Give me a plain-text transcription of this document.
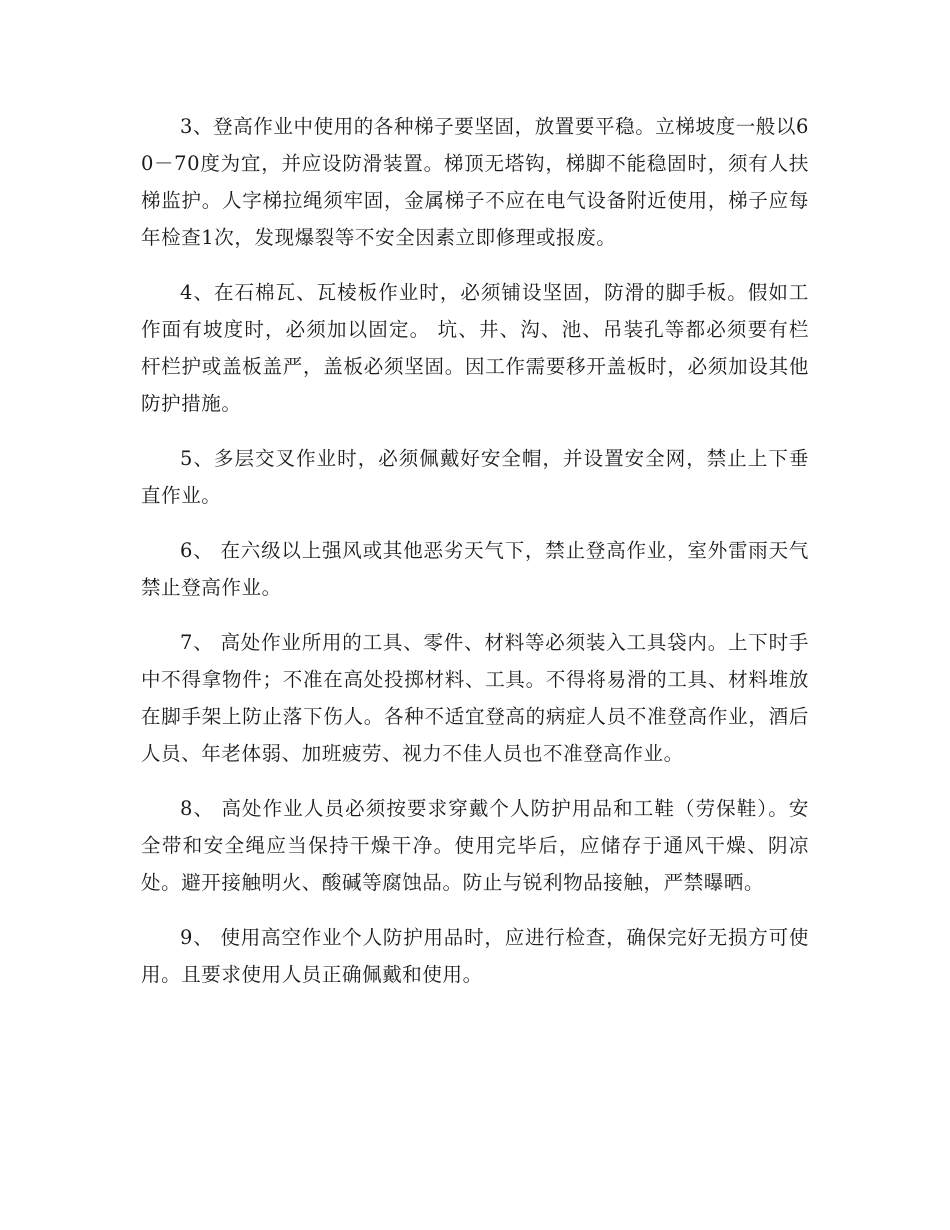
3、登高作业中使用的各种梯子要坚固，放置要平稳。立梯坡度一般以60－70度为宜，并应设防滑装置。梯顶无塔钩，梯脚不能稳固时，须有人扶梯监护。人字梯拉绳须牢固，金属梯子不应在电气设备附近使用，梯子应每年检查1次，发现爆裂等不安全因素立即修理或报废。

4、在石棉瓦、瓦棱板作业时，必须铺设坚固，防滑的脚手板。假如工作面有坡度时，必须加以固定。 坑、井、沟、池、吊装孔等都必须要有栏杆栏护或盖板盖严，盖板必须坚固。因工作需要移开盖板时，必须加设其他防护措施。

5、多层交叉作业时，必须佩戴好安全帽，并设置安全网，禁止上下垂直作业。

6、 在六级以上强风或其他恶劣天气下，禁止登高作业，室外雷雨天气禁止登高作业。

7、 高处作业所用的工具、零件、材料等必须装入工具袋内。上下时手中不得拿物件；不准在高处投掷材料、工具。不得将易滑的工具、材料堆放在脚手架上防止落下伤人。各种不适宜登高的病症人员不准登高作业，酒后人员、年老体弱、加班疲劳、视力不佳人员也不准登高作业。

8、 高处作业人员必须按要求穿戴个人防护用品和工鞋（劳保鞋）。安全带和安全绳应当保持干燥干净。使用完毕后，应储存于通风干燥、阴凉处。避开接触明火、酸碱等腐蚀品。防止与锐利物品接触，严禁曝晒。

9、 使用高空作业个人防护用品时，应进行检查，确保完好无损方可使用。且要求使用人员正确佩戴和使用。
